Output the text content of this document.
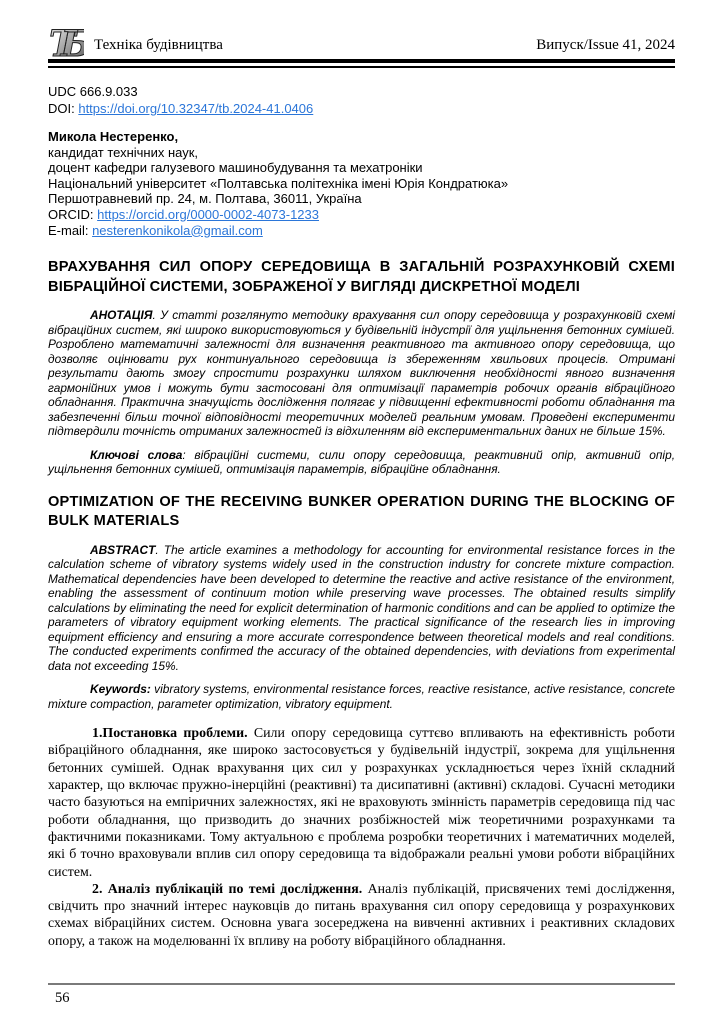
ТБ	Техніка будівництва	Випуск/Issue 41, 2024

UDC 666.9.033

DOI: https://doi.org/10.32347/tb.2024-41.0406

Микола Нестеренко,

кандидат технічних наук,

доцент кафедри галузевого машинобудування та мехатроніки

Національний університет «Полтавська політехніка імені Юрія Кондратюка»

Першотравневий пр. 24, м. Полтава, 36011, Україна

ORCID: https://orcid.org/0000-0002-4073-1233

E-mail: nesterenkonikola@gmail.com

ВРАХУВАННЯ СИЛ ОПОРУ СЕРЕДОВИЩА В ЗАГАЛЬНІЙ РОЗРАХУНКОВІЙ СХЕМІ ВІБРАЦІЙНОЇ СИСТЕМИ, ЗОБРАЖЕНОЇ У ВИГЛЯДІ ДИСКРЕТНОЇ МОДЕЛІ

АНОТАЦІЯ. У статті розглянуто методику врахування сил опору середовища у розрахунковій схемі вібраційних систем, які широко використовуються у будівельній індустрії для ущільнення бетонних сумішей. Розроблено математичні залежності для визначення реактивного та активного опору середовища, що дозволяє оцінювати рух континуального середовища із збереженням хвильових процесів. Отримані результати дають змогу спростити розрахунки шляхом виключення необхідності явного визначення гармонійних умов і можуть бути застосовані для оптимізації параметрів робочих органів вібраційного обладнання. Практична значущість дослідження полягає у підвищенні ефективності роботи обладнання та забезпеченні більш точної відповідності теоретичних моделей реальним умовам. Проведені експерименти підтвердили точність отриманих залежностей із відхиленням від експериментальних даних не більше 15%.

Ключові слова: вібраційні системи, сили опору середовища, реактивний опір, активний опір, ущільнення бетонних сумішей, оптимізація параметрів, вібраційне обладнання.

OPTIMIZATION OF THE RECEIVING BUNKER OPERATION DURING THE BLOCKING OF BULK MATERIALS

ABSTRACT. The article examines a methodology for accounting for environmental resistance forces in the calculation scheme of vibratory systems widely used in the construction industry for concrete mixture compaction. Mathematical dependencies have been developed to determine the reactive and active resistance of the environment, enabling the assessment of continuum motion while preserving wave processes. The obtained results simplify calculations by eliminating the need for explicit determination of harmonic conditions and can be applied to optimize the parameters of vibratory equipment working elements. The practical significance of the research lies in improving equipment efficiency and ensuring a more accurate correspondence between theoretical models and real conditions. The conducted experiments confirmed the accuracy of the obtained dependencies, with deviations from experimental data not exceeding 15%.

Keywords: vibratory systems, environmental resistance forces, reactive resistance, active resistance, concrete mixture compaction, parameter optimization, vibratory equipment.

1.Постановка проблеми. Сили опору середовища суттєво впливають на ефективність роботи вібраційного обладнання, яке широко застосовується у будівельній індустрії, зокрема для ущільнення бетонних сумішей. Однак врахування цих сил у розрахунках ускладнюється через їхній складний характер, що включає пружно-інерційні (реактивні) та дисипативні (активні) складові. Сучасні методики часто базуються на емпіричних залежностях, які не враховують змінність параметрів середовища під час роботи обладнання, що призводить до значних розбіжностей між теоретичними розрахунками та фактичними показниками. Тому актуальною є проблема розробки теоретичних і математичних моделей, які б точно враховували вплив сил опору середовища та відображали реальні умови роботи вібраційних систем.

2. Аналіз публікацій по темі дослідження. Аналіз публікацій, присвячених темі дослідження, свідчить про значний інтерес науковців до питань врахування сил опору середовища у розрахункових схемах вібраційних систем. Основна увага зосереджена на вивченні активних і реактивних складових опору, а також на моделюванні їх впливу на роботу вібраційного обладнання.

56
